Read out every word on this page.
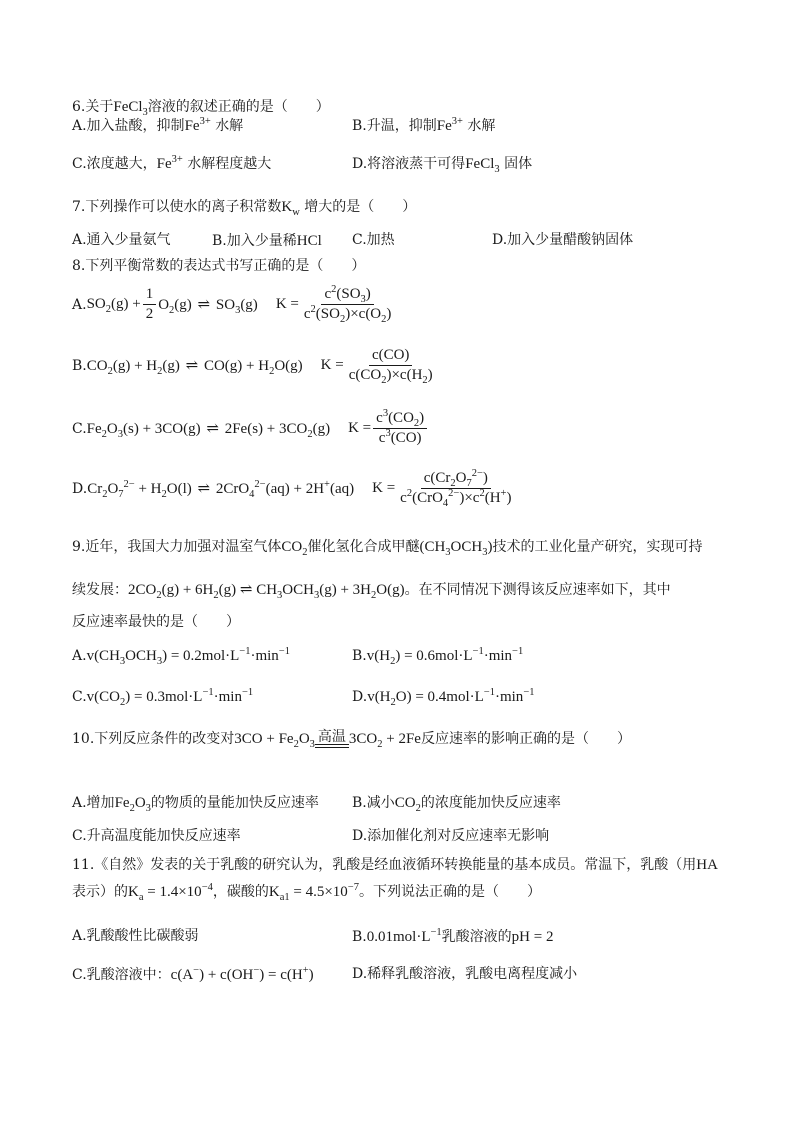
6.关于FeCl$_3$溶液的叙述正确的是（　　）
A.加入盐酸，抑制$Fe^{3+}$ 水解	B.升温，抑制$Fe^{3+}$ 水解
C.浓度越大，$Fe^{3+}$ 水解程度越大	D.将溶液蒸干可得FeCl$_3$ 固体
7.下列操作可以使水的离子积常数$K_w$ 增大的是（　　）
A.通入少量氨气	B.加入少量稀HCl C.加热	D.加入少量醋酸钠固体
8.下列平衡常数的表达式书写正确的是（　　）
A. $SO_2(g) + \frac{1}{2} O_2(g)$ ⇌ $SO_3(g) K = \frac{c^2(SO_3)}{c^2(SO_2)\times c(O_2)}$
B. $CO_2(g) + H_2(g)$ ⇌ $CO(g) + H_2O(g) K = \frac{c(CO)}{c(CO_2)\times c(H_2)}$
C. $Fe_2O_3(s) + 3CO(g)$ ⇌ $2Fe(s) + 3CO_2(g) K = \frac{c^3(CO_2)}{c^3(CO)}$
D. $Cr_2O_7^{2-} + H_2O(l)$ ⇌ 2CrO$_4^{2-}$(aq) + 2H+(aq) $K = \frac{c(Cr_2O_7^{2-})}{c^2(CrO_4^{2-})\times c^2(H^+)}$
9.近年，我国大力加强对温室气体$CO_2$催化氢化合成甲醚$(CH_3OCH_3)$技术的工业化量产研究，实现可持
续发展：$2CO_2(g) + 6H_2(g)$ ⇌ $CH_3OCH_3(g) + 3H_2O(g)$。在不同情况下测得该反应速率如下，其中
反应速率最快的是（　　）
$A.v(CH_3OCH_3) = 0.2mol\cdot L^{-1}\cdot\min^{-1}$	$B.v(H_2) = 0.6mol\cdot L^{-1}\cdot\min^{-1}$
$C.v(CO_2) = 0.3mol\cdot L^{-1}\cdot\min^{-1}$	$D.v(H_2O) = 0.4mol\cdot L^{-1}\cdot\min^{-1}$
10.下列反应条件的改变对 $3CO + Fe_2O_3$ 高温 $3CO_2 + 2Fe$ 反应速率的影响正确的是（　　）
A.增加$Fe_2O_3$的物质的量能加快反应速率 B.减小$CO_2$的浓度能加快反应速率
C.升高温度能加快反应速率	D.添加催化剂对反应速率无影响
11.《自然》发表的关于乳酸的研究认为，乳酸是经血液循环转换能量的基本成员。常温下，乳酸（用HA
表示）的$K_a = 1.4\times 10^{-4}$，碳酸的$K_{a1} = 4.5\times 10^{-7}$。下列说法正确的是（　　）
A.乳酸酸性比碳酸弱	$B.0.01mol\cdot L^{-1}$乳酸溶液的pH = 2
C.乳酸溶液中：c(A−) + c(OH−) = c(H+)	D.稀释乳酸溶液，乳酸电离程度减小
